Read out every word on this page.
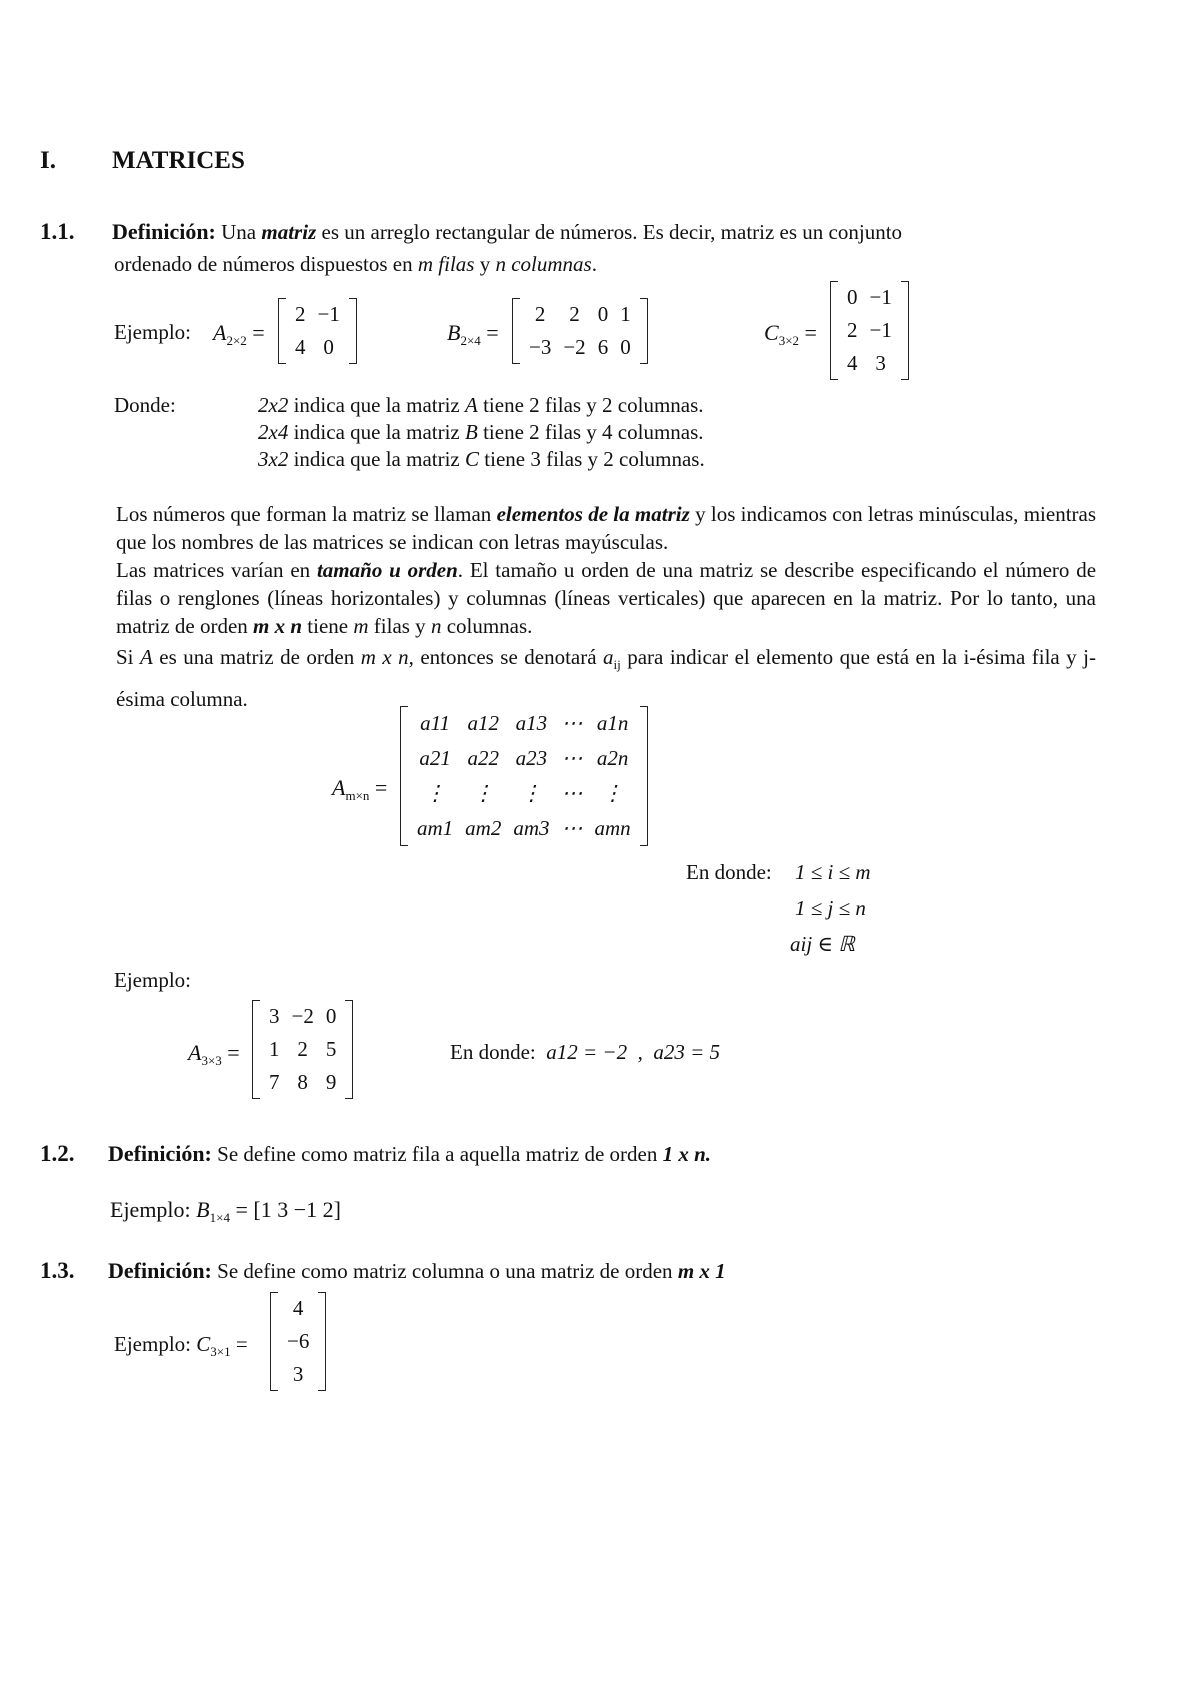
I. MATRICES
1.1. Definición: Una matriz es un arreglo rectangular de números. Es decir, matriz es un conjunto
ordenado de números dispuestos en m filas y n columnas.
Ejemplo: $A_{2\times 2}$ =
2	−1
4	0
$B_{2\times 4}$ =
2	2	0	1
−3	−2	6	0
$C_{3\times 2}$ =
0	−1
2	−1
4	3
Donde:	2x2 indica que la matriz A tiene 2 filas y 2 columnas.
2x4 indica que la matriz B tiene 2 filas y 4 columnas.
3x2 indica que la matriz C tiene 3 filas y 2 columnas.
Los números que forman la matriz se llaman elementos de la matriz y los indicamos con letras minúsculas, mientras que los nombres de las matrices se indican con letras mayúsculas.
Las matrices varían en tamaño u orden. El tamaño u orden de una matriz se describe especificando el número de filas o renglones (líneas horizontales) y columnas (líneas verticales) que aparecen en la matriz. Por lo tanto, una matriz de orden m x n tiene m filas y n columnas.
Si A es una matriz de orden m x n, entonces se denotará $a_{ij}$ para indicar el elemento que está en la i-ésima fila y j-ésima columna.
$A_{m\times n}$ =
a11	a12	a13	⋯	a1n
a21	a22	a23	⋯	a2n
⋮	⋮	⋮	⋯	⋮
am1	am2	am3	⋯	amn
En donde: 1 ≤ i ≤ m
1 ≤ j ≤ n
aij ∈ ℝ
Ejemplo:
$A_{3\times 3}$ =
3	−2	0
1	2	5
7	8	9
En donde: a12 = −2 , a23 = 5
1.2. Definición: Se define como matriz fila a aquella matriz de orden 1 x n.
Ejemplo: $B_{1\times 4} = [1$ 3 −1 2]
1.3. Definición: Se define como matriz columna o una matriz de orden m x 1
Ejemplo: $C_{3\times 1}$ =
4
−6
3
